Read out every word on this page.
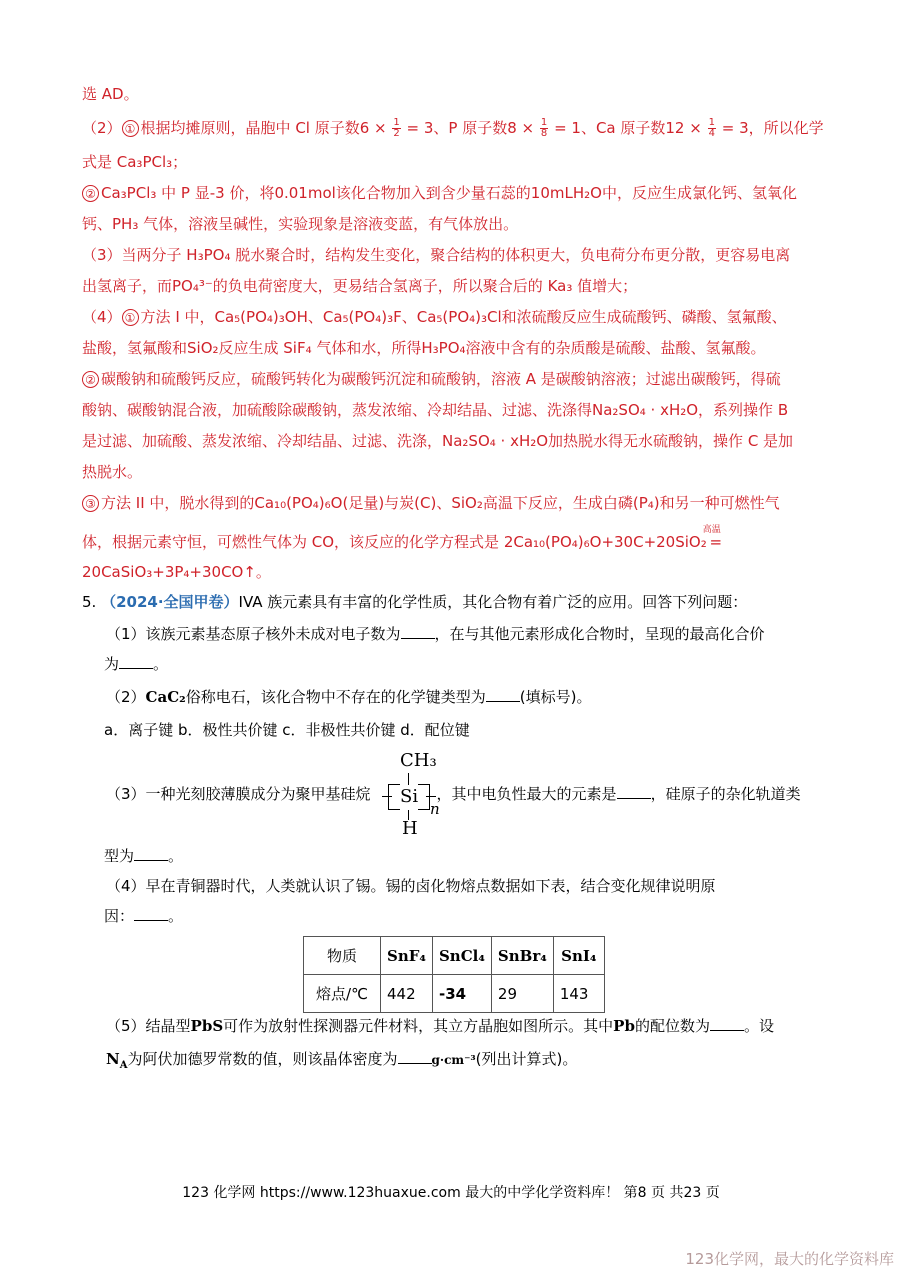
选 AD。
（2） ① 根据均摊原则，晶胞中 Cl 原子数$6 \times \frac{1}{2} = 3$、P 原子数$8 \times \frac{1}{8} = 1$、Ca 原子数$12 \times \frac{1}{4} = 3$，所以化学
式是 Ca₃PCl₃；
② Ca₃PCl₃ 中 P 显-3 价，将0.01mol该化合物加入到含少量石蕊的10mLH₂O中，反应生成氯化钙、氢氧化
钙、PH₃ 气体，溶液呈碱性，实验现象是溶液变蓝，有气体放出。
（3）当两分子 H₃PO₄ 脱水聚合时，结构发生变化，聚合结构的体积更大，负电荷分布更分散，更容易电离
出氢离子，而PO₄³⁻的负电荷密度大，更易结合氢离子，所以聚合后的 Ka₃ 值增大；
（4） ① 方法 I 中，Ca₅(PO₄)₃OH、Ca₅(PO₄)₃F、Ca₅(PO₄)₃Cl和浓硫酸反应生成硫酸钙、磷酸、氢氟酸、
盐酸，氢氟酸和SiO₂反应生成 SiF₄ 气体和水，所得H₃PO₄溶液中含有的杂质酸是硫酸、盐酸、氢氟酸。
② 碳酸钠和硫酸钙反应，硫酸钙转化为碳酸钙沉淀和硫酸钠，溶液 A 是碳酸钠溶液；过滤出碳酸钙，得硫
酸钠、碳酸钠混合液，加硫酸除碳酸钠，蒸发浓缩、冷却结晶、过滤、洗涤得Na₂SO₄ · xH₂O，系列操作 B
是过滤、加硫酸、蒸发浓缩、冷却结晶、过滤、洗涤，Na₂SO₄ · xH₂O加热脱水得无水硫酸钠，操作 C 是加
热脱水。
③ 方法 II 中，脱水得到的Ca₁₀(PO₄)₆O(足量)与炭(C)、SiO₂高温下反应，生成白磷(P₄)和另一种可燃性气
体，根据元素守恒，可燃性气体为 CO，该反应的化学方程式是 2Ca₁₀(PO₄)₆O+30C+20SiO₂
高温
=
20CaSiO₃+3P₄+30CO↑。
5. （2024·全国甲卷）IVA 族元素具有丰富的化学性质，其化合物有着广泛的应用。回答下列问题：
（1）该族元素基态原子核外未成对电子数为 ，在与其他元素形成化合物时，呈现的最高化合价
为 。
（2）CaC₂俗称电石，该化合物中不存在的化学键类型为 (填标号)。
a．离子键 b．极性共价键 c．非极性共价键 d．配位键
CH₃
Si
n
H
（3）一种光刻胶薄膜成分为聚甲基硅烷	，其中电负性最大的元素是 ，硅原子的杂化轨道类
型为 。
（4）早在青铜器时代，人类就认识了锡。锡的卤化物熔点数据如下表，结合变化规律说明原
因： 。
物质	SnF₄	SnCl₄	SnBr₄	SnI₄
熔点/℃	442	-34	29	143
（5）结晶型PbS可作为放射性探测器元件材料，其立方晶胞如图所示。其中Pb的配位数为 。设
$N_A$为阿伏加德罗常数的值，则该晶体密度为	g·cm⁻³(列出计算式)。
123 化学网 https://www.123huaxue.com 最大的中学化学资料库！ 第8 页 共23 页
123化学网，最大的化学资料库
